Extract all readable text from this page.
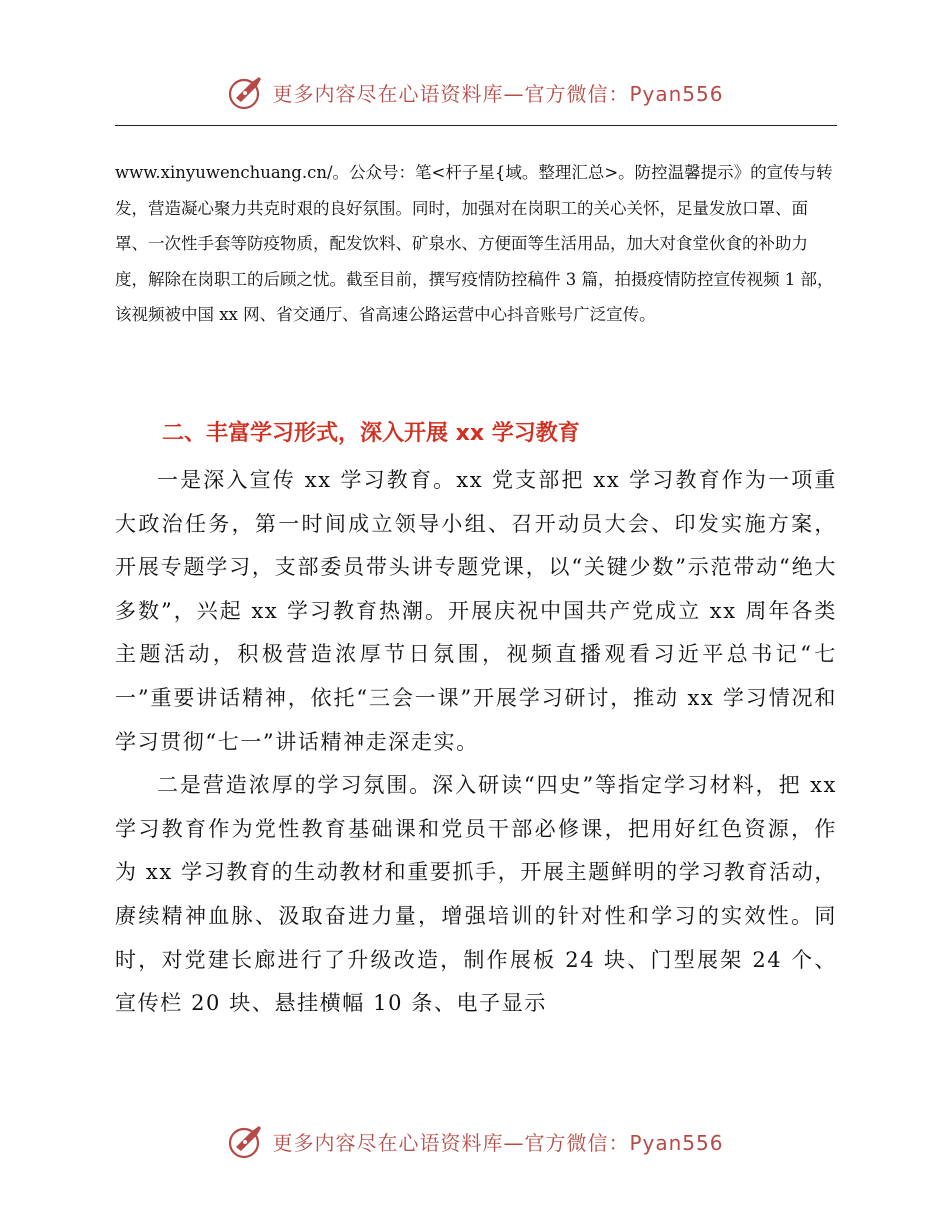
更多内容尽在心语资料库—官方微信：Pyan556

www.xinyuwenchuang.cn/。公众号：笔<杆子星{域。整理汇总>。防控温馨提示》的宣传与转发，营造凝心聚力共克时艰的良好氛围。同时，加强对在岗职工的关心关怀，足量发放口罩、面罩、一次性手套等防疫物质，配发饮料、矿泉水、方便面等生活用品，加大对食堂伙食的补助力度，解除在岗职工的后顾之忧。截至目前，撰写疫情防控稿件 3 篇，拍摄疫情防控宣传视频 1 部，该视频被中国 xx 网、省交通厅、省高速公路运营中心抖音账号广泛宣传。

二、丰富学习形式，深入开展 xx 学习教育

一是深入宣传 xx 学习教育。xx 党支部把 xx 学习教育作为一项重大政治任务，第一时间成立领导小组、召开动员大会、印发实施方案，开展专题学习，支部委员带头讲专题党课，以“关键少数”示范带动“绝大多数”，兴起 xx 学习教育热潮。开展庆祝中国共产党成立 xx 周年各类主题活动，积极营造浓厚节日氛围，视频直播观看习近平总书记“七一”重要讲话精神，依托“三会一课”开展学习研讨，推动 xx 学习情况和学习贯彻“七一”讲话精神走深走实。

二是营造浓厚的学习氛围。深入研读“四史”等指定学习材料，把 xx 学习教育作为党性教育基础课和党员干部必修课，把用好红色资源，作为 xx 学习教育的生动教材和重要抓手，开展主题鲜明的学习教育活动，赓续精神血脉、汲取奋进力量，增强培训的针对性和学习的实效性。同时，对党建长廊进行了升级改造，制作展板 24 块、门型展架 24 个、宣传栏 20 块、悬挂横幅 10 条、电子显示

更多内容尽在心语资料库—官方微信：Pyan556
